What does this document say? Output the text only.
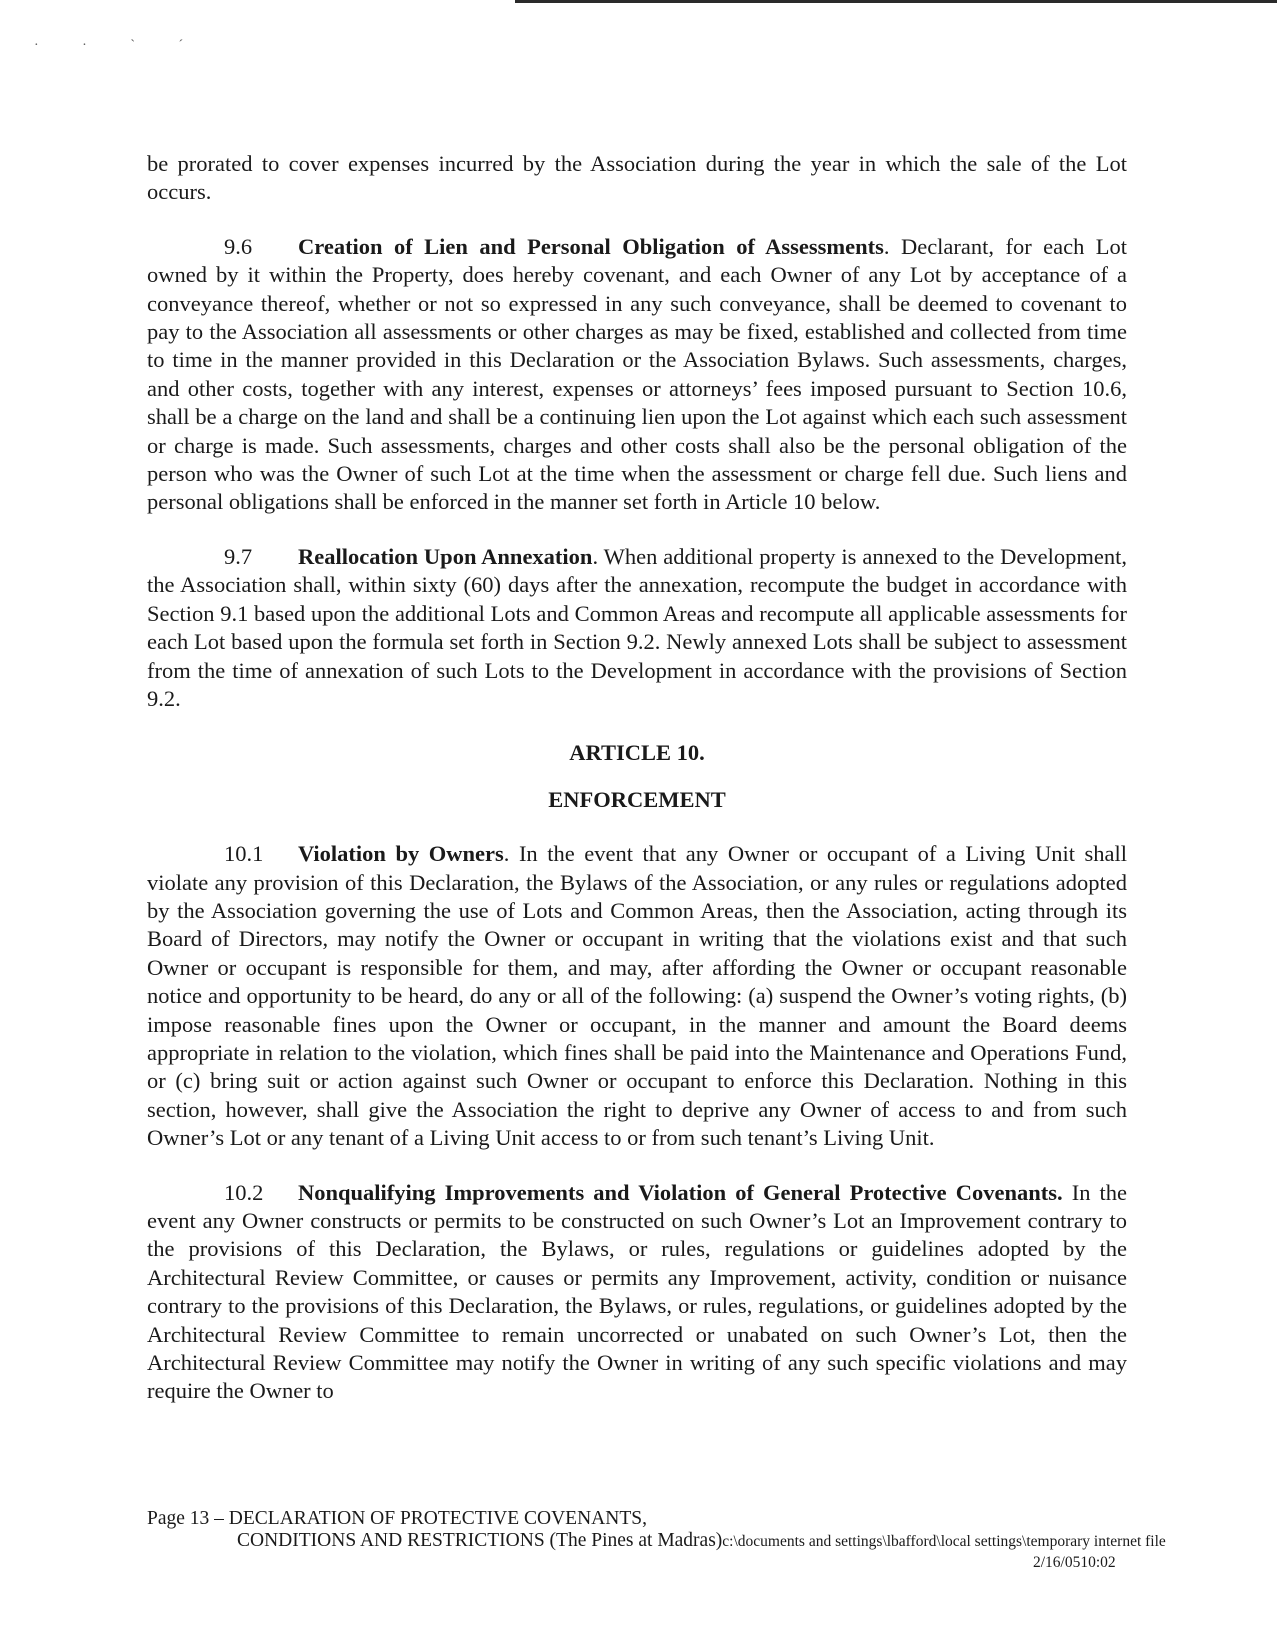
· · ˋ ˊ

be prorated to cover expenses incurred by the Association during the year in which the sale of the Lot occurs.

9.6 Creation of Lien and Personal Obligation of Assessments. Declarant, for each Lot owned by it within the Property, does hereby covenant, and each Owner of any Lot by acceptance of a conveyance thereof, whether or not so expressed in any such conveyance, shall be deemed to covenant to pay to the Association all assessments or other charges as may be fixed, established and collected from time to time in the manner provided in this Declaration or the Association Bylaws. Such assessments, charges, and other costs, together with any interest, expenses or attorneys’ fees imposed pursuant to Section 10.6, shall be a charge on the land and shall be a continuing lien upon the Lot against which each such assessment or charge is made. Such assessments, charges and other costs shall also be the personal obligation of the person who was the Owner of such Lot at the time when the assessment or charge fell due. Such liens and personal obligations shall be enforced in the manner set forth in Article 10 below.

9.7 Reallocation Upon Annexation. When additional property is annexed to the Development, the Association shall, within sixty (60) days after the annexation, recompute the budget in accordance with Section 9.1 based upon the additional Lots and Common Areas and recompute all applicable assessments for each Lot based upon the formula set forth in Section 9.2. Newly annexed Lots shall be subject to assessment from the time of annexation of such Lots to the Development in accordance with the provisions of Section 9.2.

ARTICLE 10.
ENFORCEMENT

10.1 Violation by Owners. In the event that any Owner or occupant of a Living Unit shall violate any provision of this Declaration, the Bylaws of the Association, or any rules or regulations adopted by the Association governing the use of Lots and Common Areas, then the Association, acting through its Board of Directors, may notify the Owner or occupant in writing that the violations exist and that such Owner or occupant is responsible for them, and may, after affording the Owner or occupant reasonable notice and opportunity to be heard, do any or all of the following: (a) suspend the Owner’s voting rights, (b) impose reasonable fines upon the Owner or occupant, in the manner and amount the Board deems appropriate in relation to the violation, which fines shall be paid into the Maintenance and Operations Fund, or (c) bring suit or action against such Owner or occupant to enforce this Declaration. Nothing in this section, however, shall give the Association the right to deprive any Owner of access to and from such Owner’s Lot or any tenant of a Living Unit access to or from such tenant’s Living Unit.

10.2 Nonqualifying Improvements and Violation of General Protective Covenants. In the event any Owner constructs or permits to be constructed on such Owner’s Lot an Improvement contrary to the provisions of this Declaration, the Bylaws, or rules, regulations or guidelines adopted by the Architectural Review Committee, or causes or permits any Improvement, activity, condition or nuisance contrary to the provisions of this Declaration, the Bylaws, or rules, regulations, or guidelines adopted by the Architectural Review Committee to remain uncorrected or unabated on such Owner’s Lot, then the Architectural Review Committee may notify the Owner in writing of any such specific violations and may require the Owner to

Page 13 – DECLARATION OF PROTECTIVE COVENANTS,
CONDITIONS AND RESTRICTIONS (The Pines at Madras)c:\documents and settings\lbafford\local settings\temporary internet file
2/16/0510:02
